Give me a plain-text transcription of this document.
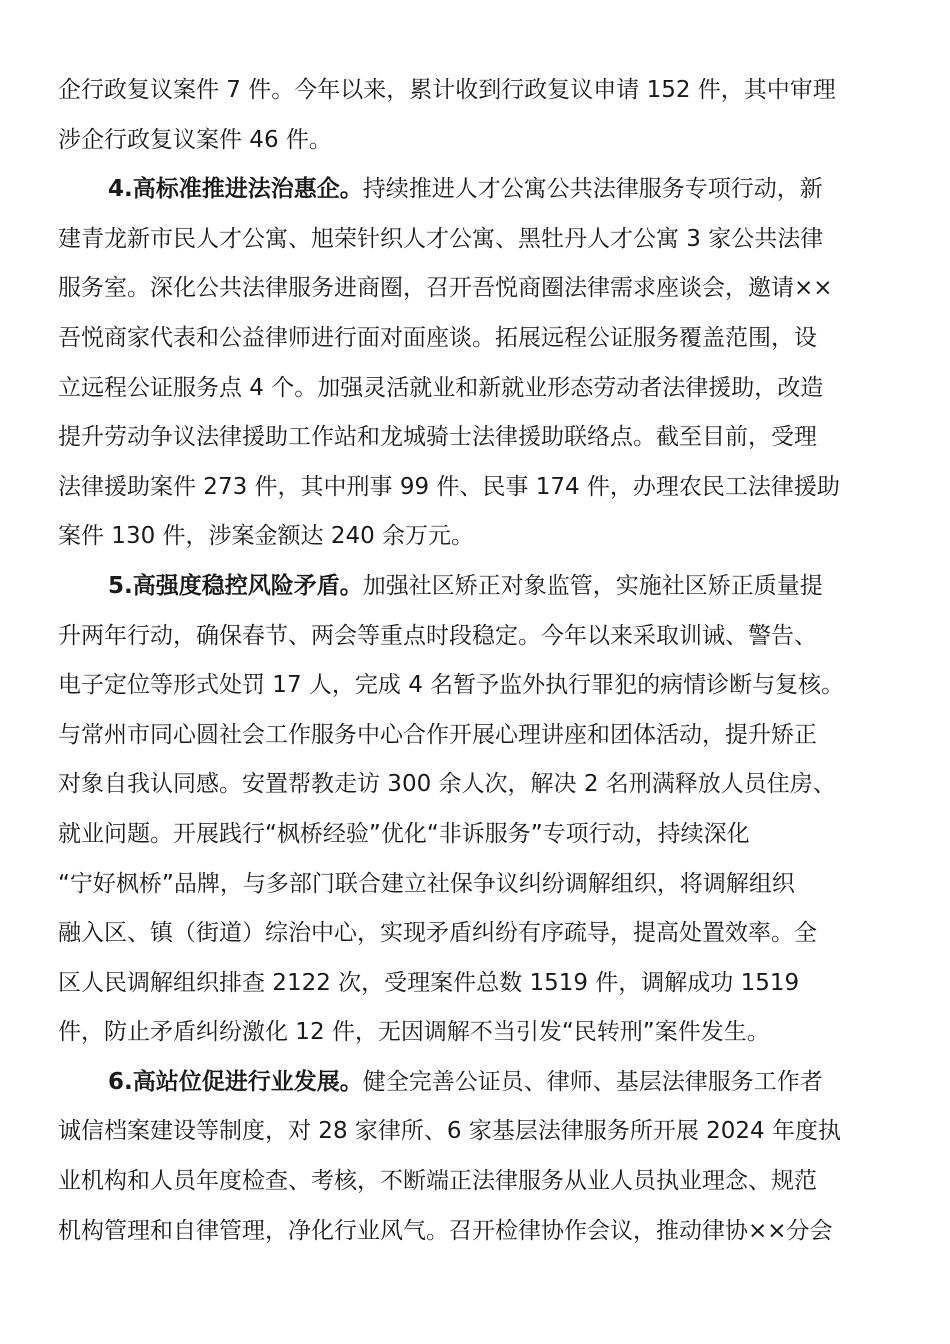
企行政复议案件 7 件。今年以来，累计收到行政复议申请 152 件，其中审理
涉企行政复议案件 46 件。
4.高标准推进法治惠企。持续推进人才公寓公共法律服务专项行动，新
建青龙新市民人才公寓、旭荣针织人才公寓、黑牡丹人才公寓 3 家公共法律
服务室。深化公共法律服务进商圈，召开吾悦商圈法律需求座谈会，邀请××
吾悦商家代表和公益律师进行面对面座谈。拓展远程公证服务覆盖范围，设
立远程公证服务点 4 个。加强灵活就业和新就业形态劳动者法律援助，改造
提升劳动争议法律援助工作站和龙城骑士法律援助联络点。截至目前，受理
法律援助案件 273 件，其中刑事 99 件、民事 174 件，办理农民工法律援助
案件 130 件，涉案金额达 240 余万元。
5.高强度稳控风险矛盾。加强社区矫正对象监管，实施社区矫正质量提
升两年行动，确保春节、两会等重点时段稳定。今年以来采取训诫、警告、
电子定位等形式处罚 17 人，完成 4 名暂予监外执行罪犯的病情诊断与复核。
与常州市同心圆社会工作服务中心合作开展心理讲座和团体活动，提升矫正
对象自我认同感。安置帮教走访 300 余人次，解决 2 名刑满释放人员住房、
就业问题。开展践行“枫桥经验”优化“非诉服务”专项行动，持续深化
“宁好枫桥”品牌，与多部门联合建立社保争议纠纷调解组织，将调解组织
融入区、镇（街道）综治中心，实现矛盾纠纷有序疏导，提高处置效率。全
区人民调解组织排查 2122 次，受理案件总数 1519 件，调解成功 1519
件，防止矛盾纠纷激化 12 件，无因调解不当引发“民转刑”案件发生。
6.高站位促进行业发展。健全完善公证员、律师、基层法律服务工作者
诚信档案建设等制度，对 28 家律所、6 家基层法律服务所开展 2024 年度执
业机构和人员年度检查、考核，不断端正法律服务从业人员执业理念、规范
机构管理和自律管理，净化行业风气。召开检律协作会议，推动律协××分会
